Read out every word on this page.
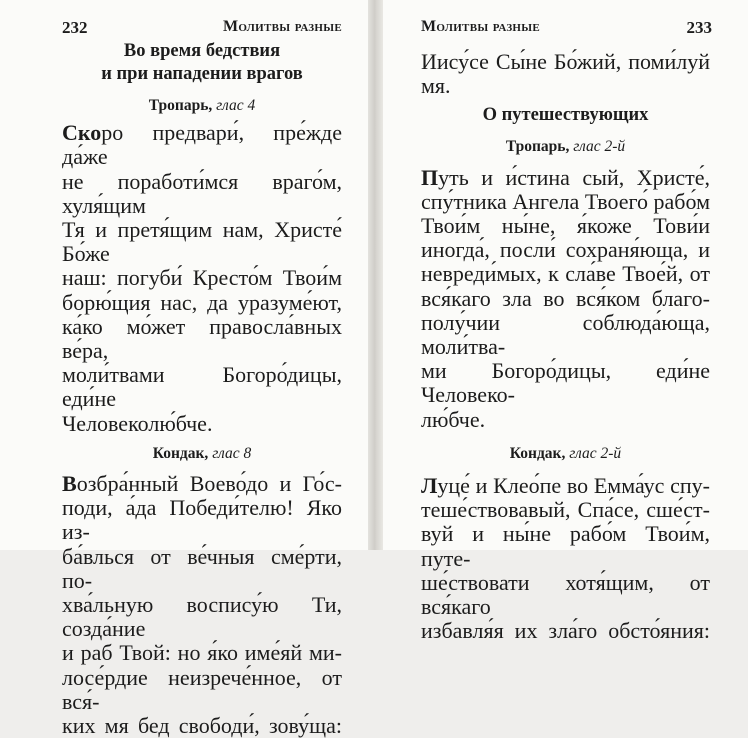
232	Молитвы разные

Во время бедствия
и при нападении врагов

Тропарь, глас 4

Скоро предвари́, пре́жде да́же

не поработи́мся враго́м, хуля́щим

Тя и претя́щим нам, Христе́ Бо́же

наш: погуби́ Кресто́м Твои́м

борю́щия нас, да уразуме́ют,

ка́ко мо́жет правосла́вных ве́ра,

моли́твами Богоро́дицы, еди́не

Человеколю́бче.

Кондак, глас 8

Возбра́нный Воево́до и Го́с-

поди, а́да Победи́телю! Яко из-

ба́влься от ве́чныя сме́рти, по-

хва́льную воспису́ю Ти, созда́ние

и раб Твой: но я́ко име́яй ми-

лосе́рдие неизрече́нное, от вся́-

ких мя бед свободи́, зову́ща:

Молитвы разные	233

Иису́се Сы́не Бо́жий, поми́луй

мя.

О путешествующих

Тропарь, глас 2-й

Путь и и́стина сый, Христе́,

спу́тника Ангела Твоего́ рабо́м

Твои́м ны́не, я́коже Тови́и

иногда́, посли́ сохраня́юща, и

невреди́мых, к сла́ве Твое́й, от

вся́каго зла во вся́ком благо-

полу́чии соблюда́юща, моли́тва-

ми Богоро́дицы, еди́не Человеко-

лю́бче.

Кондак, глас 2-й

Луце́ и Клео́пе во Емма́ус спу-

теше́ствовавый, Спа́се, сше́ст-

вуй и ны́не рабо́м Твои́м, путе-

ше́ствовати хотя́щим, от вся́каго

избавля́я их зла́го обсто́яния:
